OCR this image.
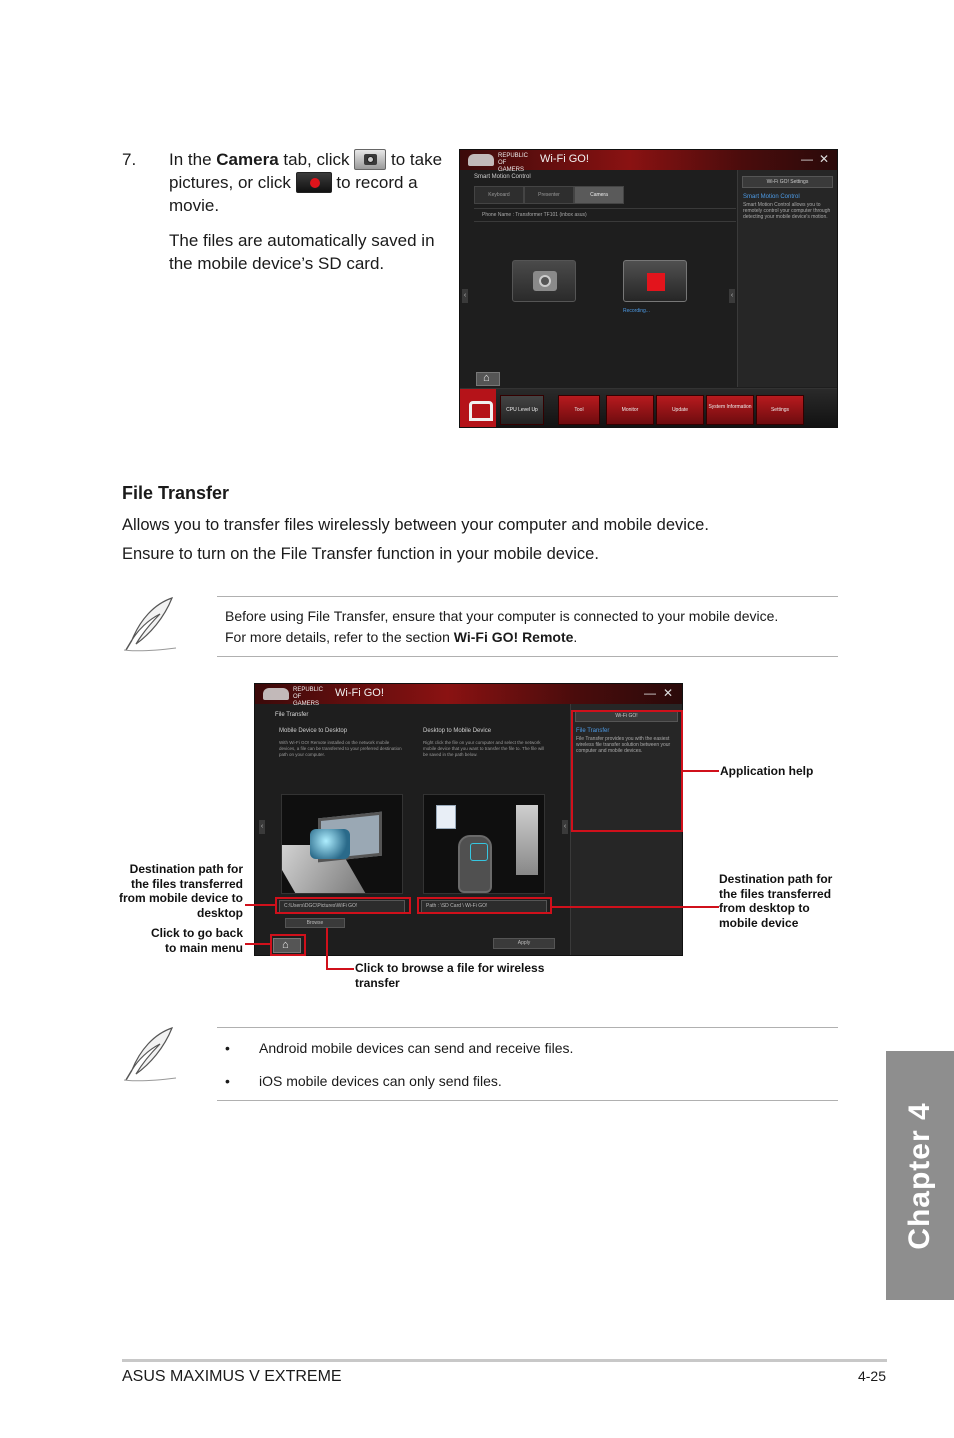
7. In the Camera tab, click to take pictures, or click	to record a movie.
The files are automatically saved in the mobile device’s SD card.
REPUBLIC OF GAMERS
Wi-Fi GO!	— ✕
Smart Motion Control
Keyboard	Presenter	Camera
Phone Name : Transformer TF101 (inbox asus)
Recording...
‹	‹
Wi-Fi GO! Settings
Smart Motion Control
Smart Motion Control allows you to remotely control your computer through detecting your mobile device's motion.
⌂
CPU Level Up	Tool	Monitor	Update	System Information	Settings
File Transfer
Allows you to transfer files wirelessly between your computer and mobile device.
Ensure to turn on the File Transfer function in your mobile device.
Before using File Transfer, ensure that your computer is connected to your mobile device.
For more details, refer to the section Wi-Fi GO! Remote.
REPUBLIC OF GAMERS
Wi-Fi GO!	— ✕
File Transfer
Mobile Device to Desktop
With Wi-Fi GO! Remote installed on the network mobile devices, a file can be transferred to your preferred destination path on your computer.
Desktop to Mobile Device
Right click the file on your computer and select the network mobile device that you want to transfer the file to. The file will be saved in the path below.
C:\Users\DGC\Pictures\WiFi GO!	Path : \SD Card \ Wi-Fi GO!
Browse
Apply
⌂
‹	‹
Wi-Fi GO!
File Transfer
File Transfer provides you with the easiest wireless file transfer solution between your computer and mobile devices.
Application help
Destination path for the files transferred from mobile device to desktop
Destination path for the files transferred from desktop to mobile device
Click to go back to main menu
Click to browse a file for wireless transfer
• Android mobile devices can send and receive files.
• iOS mobile devices can only send files.
Chapter 4
ASUS MAXIMUS V EXTREME	4-25
